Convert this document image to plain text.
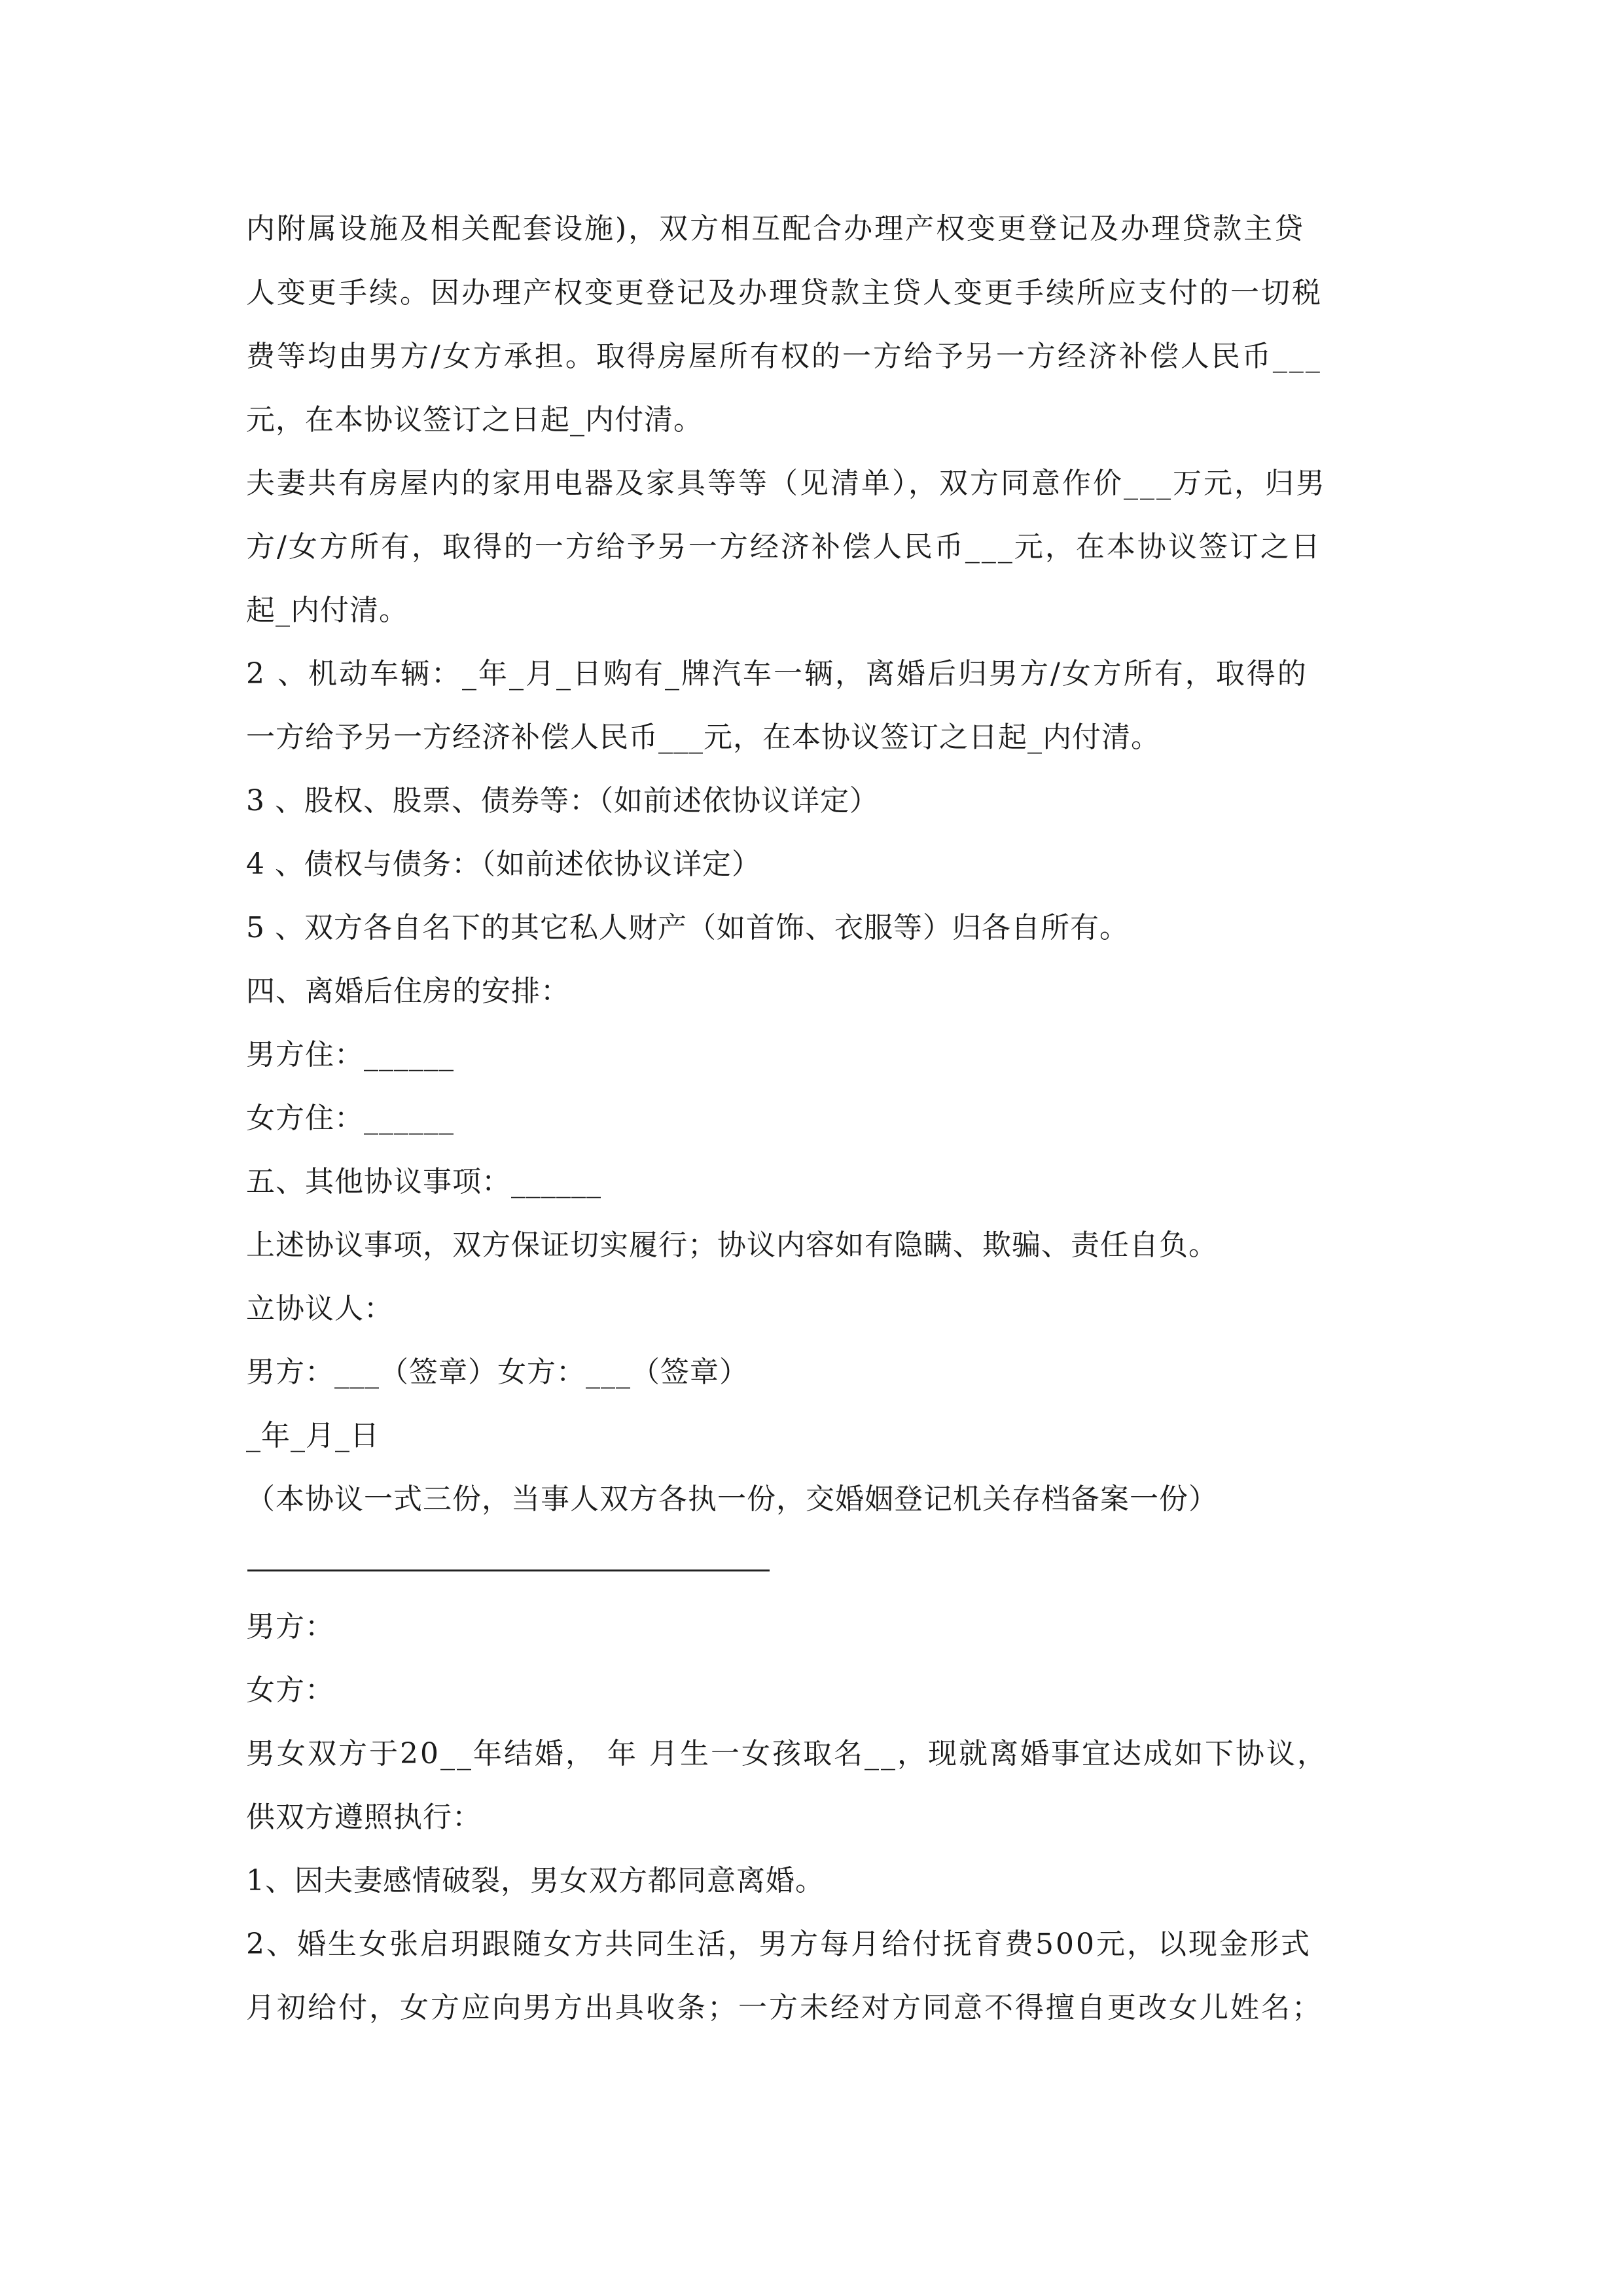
内附属设施及相关配套设施)，双方相互配合办理产权变更登记及办理贷款主贷
人变更手续。因办理产权变更登记及办理贷款主贷人变更手续所应支付的一切税
费等均由男方/女方承担。取得房屋所有权的一方给予另一方经济补偿人民币___
元，在本协议签订之日起_内付清。
夫妻共有房屋内的家用电器及家具等等（见清单），双方同意作价___万元，归男
方/女方所有，取得的一方给予另一方经济补偿人民币___元，在本协议签订之日
起_内付清。
2 、机动车辆：_年_月_日购有_牌汽车一辆，离婚后归男方/女方所有，取得的
一方给予另一方经济补偿人民币___元，在本协议签订之日起_内付清。
3 、股权、股票、债券等：（如前述依协议详定）
4 、债权与债务：（如前述依协议详定）
5 、双方各自名下的其它私人财产（如首饰、衣服等）归各自所有。
四、离婚后住房的安排：
男方住：______
女方住：______
五、其他协议事项：______
上述协议事项，双方保证切实履行；协议内容如有隐瞒、欺骗、责任自负。
立协议人：
男方：___（签章）女方：___（签章）
_年_月_日
（本协议一式三份，当事人双方各执一份，交婚姻登记机关存档备案一份）
男方：
女方：
男女双方于20__年结婚， 年 月生一女孩取名__，现就离婚事宜达成如下协议，
供双方遵照执行：
1、因夫妻感情破裂，男女双方都同意离婚。
2、婚生女张启玥跟随女方共同生活，男方每月给付抚育费500元，以现金形式
月初给付，女方应向男方出具收条；一方未经对方同意不得擅自更改女儿姓名；
